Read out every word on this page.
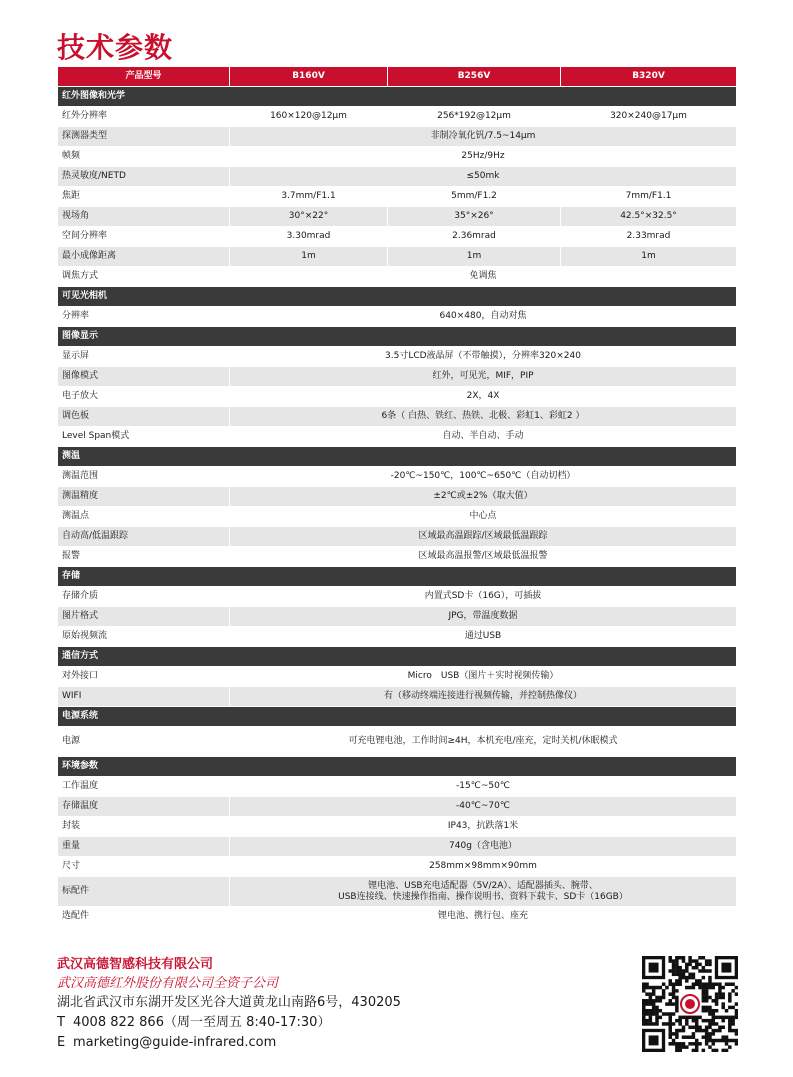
技术参数
产品型号	B160V	B256V	B320V
红外图像和光学			
红外分辨率	160×120@12μm	256*192@12μm	320×240@17μm
探测器类型	非制冷氧化钒/7.5~14μm		
帧频	25Hz/9Hz		
热灵敏度/NETD	≤50mk		
焦距	3.7mm/F1.1	5mm/F1.2	7mm/F1.1
视场角	30°×22°	35°×26°	42.5°×32.5°
空间分辨率	3.30mrad	2.36mrad	2.33mrad
最小成像距离	1m	1m	1m
调焦方式	免调焦		
可见光相机			
分辨率	640×480，自动对焦		
图像显示			
显示屏	3.5寸LCD液晶屏（不带触摸），分辨率320×240		
图像模式	红外，可见光，MIF，PIP		
电子放大	2X，4X		
调色板	6条（ 白热、铁红、热铁、北极、彩虹1、彩虹2 ）		
Level Span模式	自动、半自动、手动		
测温			
测温范围	-20℃~150℃，100℃~650℃（自动切档）		
测温精度	±2℃或±2%（取大值）		
测温点	中心点		
自动高/低温跟踪	区域最高温跟踪/区域最低温跟踪		
报警	区域最高温报警/区域最低温报警		
存储			
存储介质	内置式SD卡（16G），可插拔		
图片格式	JPG，带温度数据		
原始视频流	通过USB		
通信方式			
对外接口	Micro　USB（图片＋实时视频传输）		
WIFI	有（移动终端连接进行视频传输，并控制热像仪）		
电源系统			
电源	可充电锂电池，工作时间≥4H，本机充电/座充，定时关机/休眠模式		
环境参数			
工作温度	-15℃~50℃		
存储温度	-40℃~70℃		
封装	IP43，抗跌落1米		
重量	740g（含电池）		
尺寸	258mm×98mm×90mm		
标配件	锂电池、USB充电适配器（5V/2A）、适配器插头、腕带、
USB连接线、快速操作指南、操作说明书、资料下载卡、SD卡（16GB）		

选配件	锂电池、携行包、座充		
武汉高德智感科技有限公司
武汉高德红外股份有限公司全资子公司
湖北省武汉市东湖开发区光谷大道黄龙山南路6号，430205
T 4008 822 866（周一至周五 8:40-17:30）
E marketing@guide-infrared.com
